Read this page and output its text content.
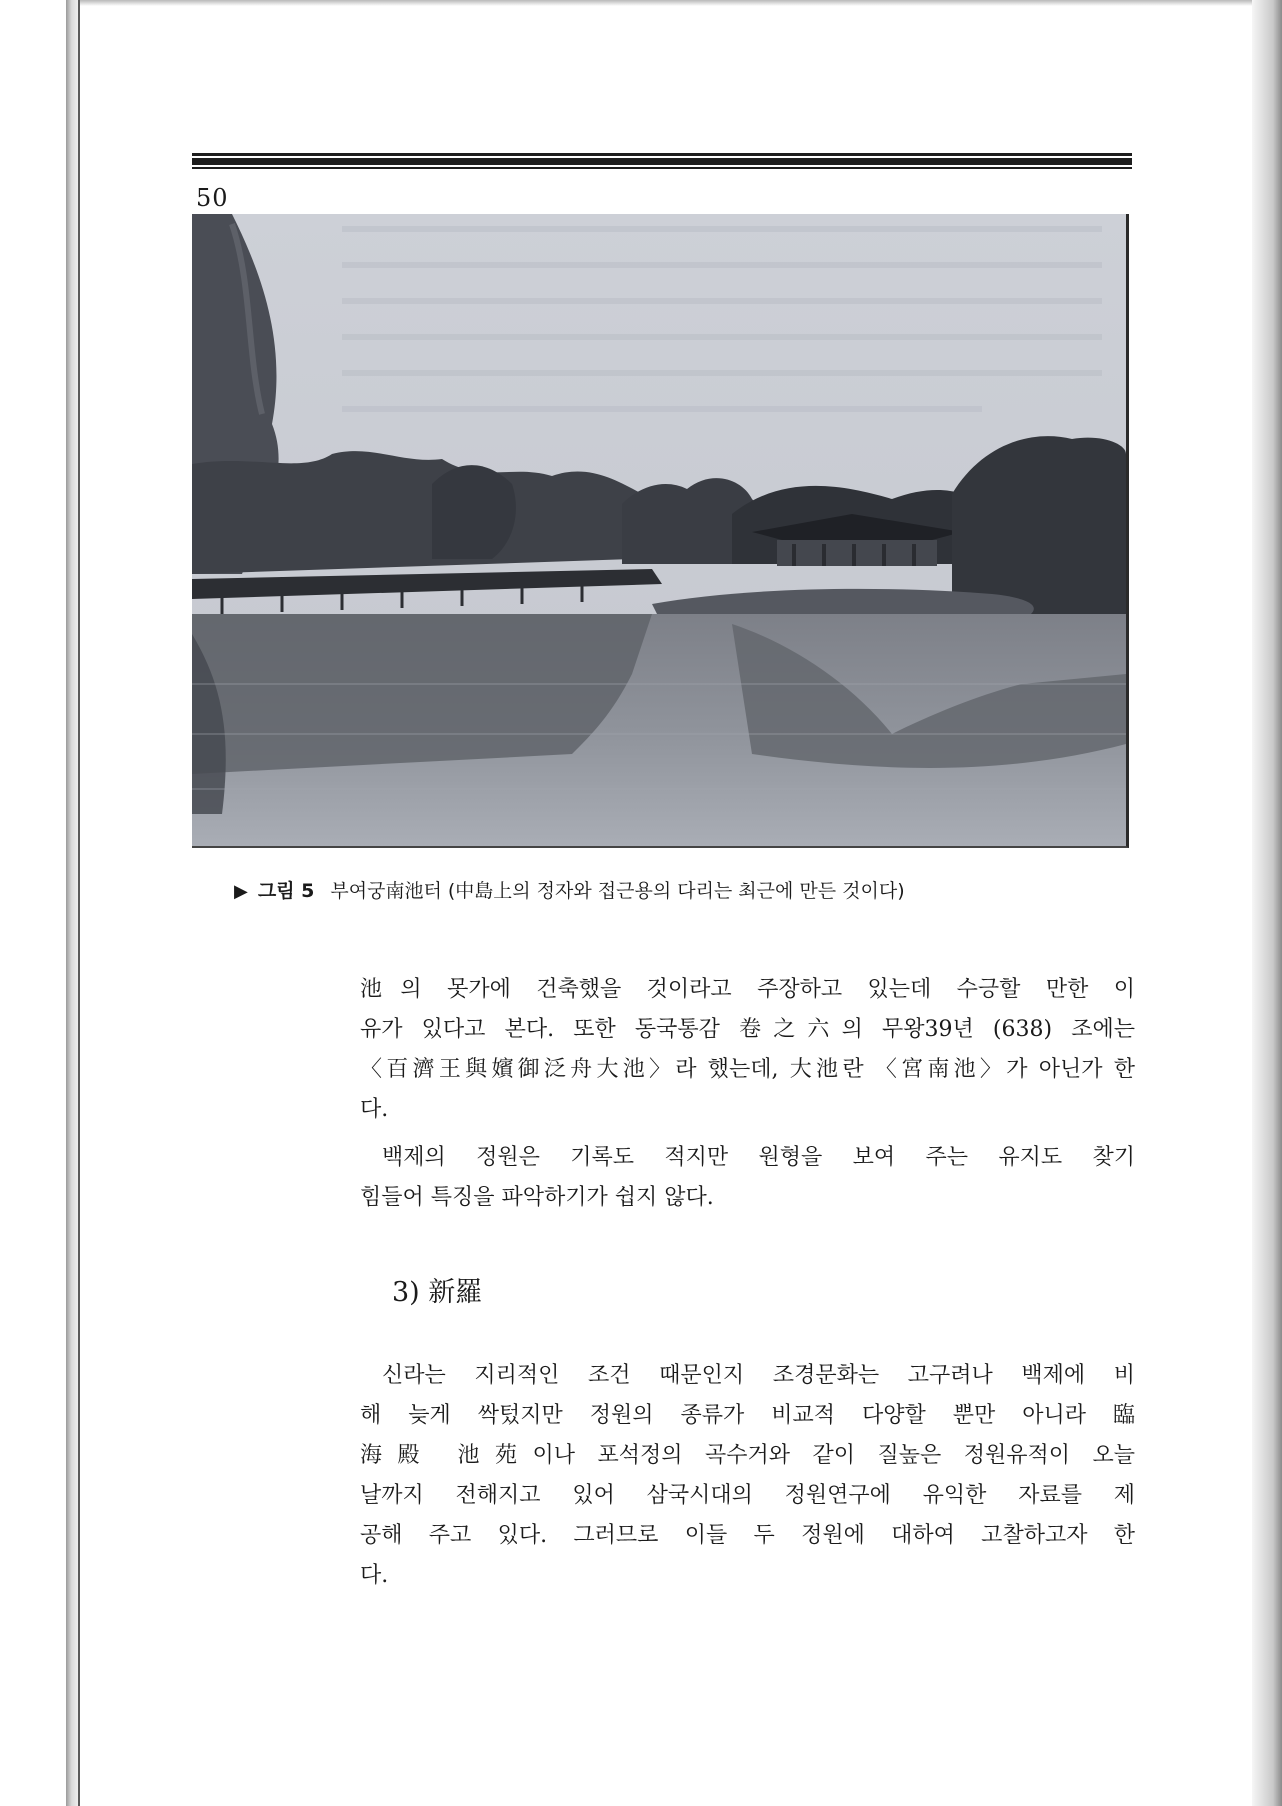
50
▶ 그림 5 부여궁南池터 (中島上의 정자와 접근용의 다리는 최근에 만든 것이다)

池의 못가에 건축했을 것이라고 주장하고 있는데 수긍할 만한 이

유가 있다고 본다. 또한 동국통감 卷之六의 무왕39년 (638) 조에는

〈百濟王與嬪御泛舟大池〉라 했는데, 大池란 〈宮南池〉가 아닌가 한

다.

백제의 정원은 기록도 적지만 원형을 보여 주는 유지도 찾기

힘들어 특징을 파악하기가 쉽지 않다.

3) 新羅

신라는 지리적인 조건 때문인지 조경문화는 고구려나 백제에 비

해 늦게 싹텄지만 정원의 종류가 비교적 다양할 뿐만 아니라 臨

海殿 池苑이나 포석정의 곡수거와 같이 질높은 정원유적이 오늘

날까지 전해지고 있어 삼국시대의 정원연구에 유익한 자료를 제

공해 주고 있다. 그러므로 이들 두 정원에 대하여 고찰하고자 한

다.
